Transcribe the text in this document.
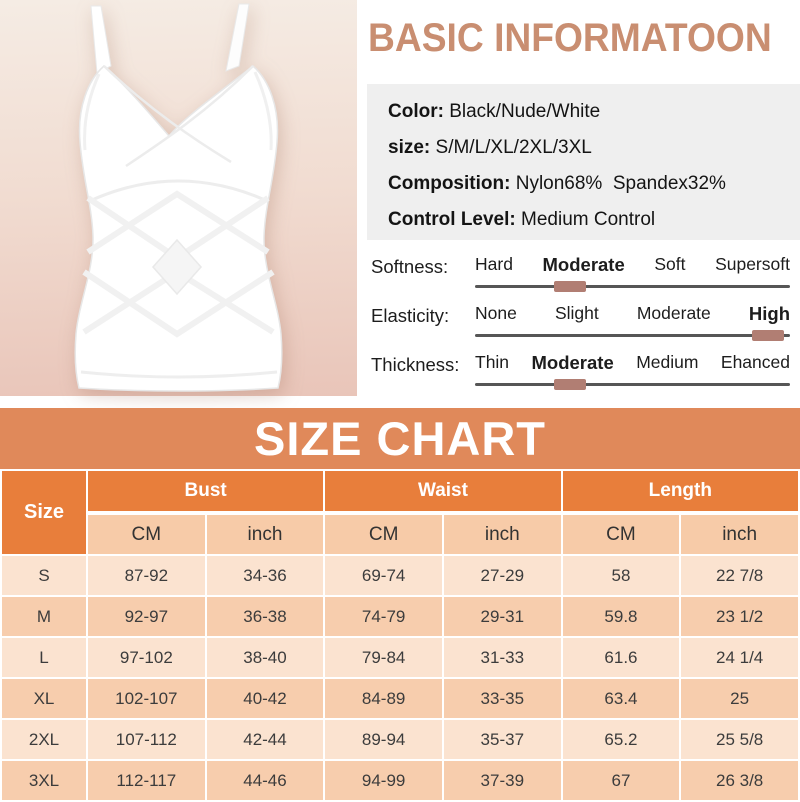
BASIC INFORMATOON
Color: Black/Nude/White
size: S/M/L/XL/2XL/3XL
Composition: Nylon68%  Spandex32%
Control Level: Medium Control
Softness:	Hard Moderate Soft Supersoft
Elasticity:	None Slight Moderate High
Thickness: Thin Moderate Medium Ehanced
SIZE CHART
Size	Bust		Waist		Length	
	CM	inch	CM	inch	CM	inch
S	87-92	34-36	69-74	27-29	58	22 7/8
M	92-97	36-38	74-79	29-31	59.8	23 1/2
L	97-102	38-40	79-84	31-33	61.6	24 1/4
XL	102-107	40-42	84-89	33-35	63.4	25
2XL	107-112	42-44	89-94	35-37	65.2	25 5/8
3XL	112-117	44-46	94-99	37-39	67	26 3/8
